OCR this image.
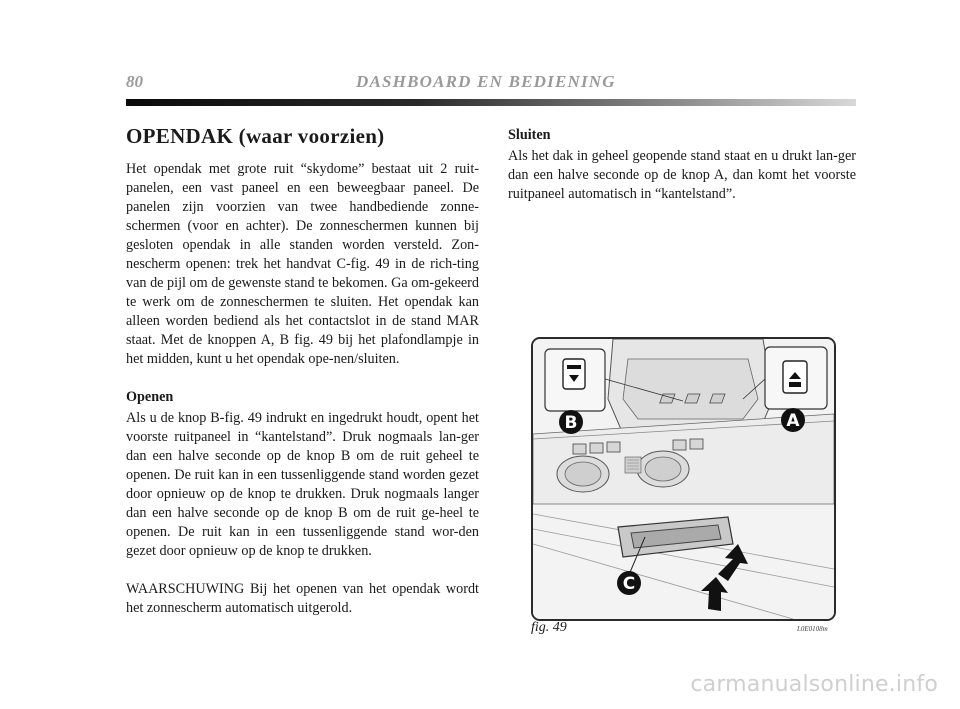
80	DASHBOARD EN BEDIENING
OPENDAK (waar voorzien)

Het opendak met grote ruit “skydome” bestaat uit 2 ruit-panelen, een vast paneel en een beweegbaar paneel. De panelen zijn voorzien van twee handbediende zonne-schermen (voor en achter). De zonneschermen kunnen bij gesloten opendak in alle standen worden versteld. Zon-nescherm openen: trek het handvat C-fig. 49 in de rich-ting van de pijl om de gewenste stand te bekomen. Ga om-gekeerd te werk om de zonneschermen te sluiten. Het opendak kan alleen worden bediend als het contactslot in de stand MAR staat. Met de knoppen A, B fig. 49 bij het plafondlampje in het midden, kunt u het opendak ope-nen/sluiten.

Openen

Als u de knop B-fig. 49 indrukt en ingedrukt houdt, opent het voorste ruitpaneel in “kantelstand”. Druk nogmaals lan-ger dan een halve seconde op de knop B om de ruit geheel te openen. De ruit kan in een tussenliggende stand worden gezet door opnieuw op de knop te drukken. Druk nogmaals langer dan een halve seconde op de knop B om de ruit ge-heel te openen. De ruit kan in een tussenliggende stand wor-den gezet door opnieuw op de knop te drukken.

WAARSCHUWING Bij het openen van het opendak wordt het zonnescherm automatisch uitgerold.

Sluiten

Als het dak in geheel geopende stand staat en u drukt lan-ger dan een halve seconde op de knop A, dan komt het voorste ruitpaneel automatisch in “kantelstand”.

B	A
C
fig. 49	L0E0108m
carmanualsonline.info
